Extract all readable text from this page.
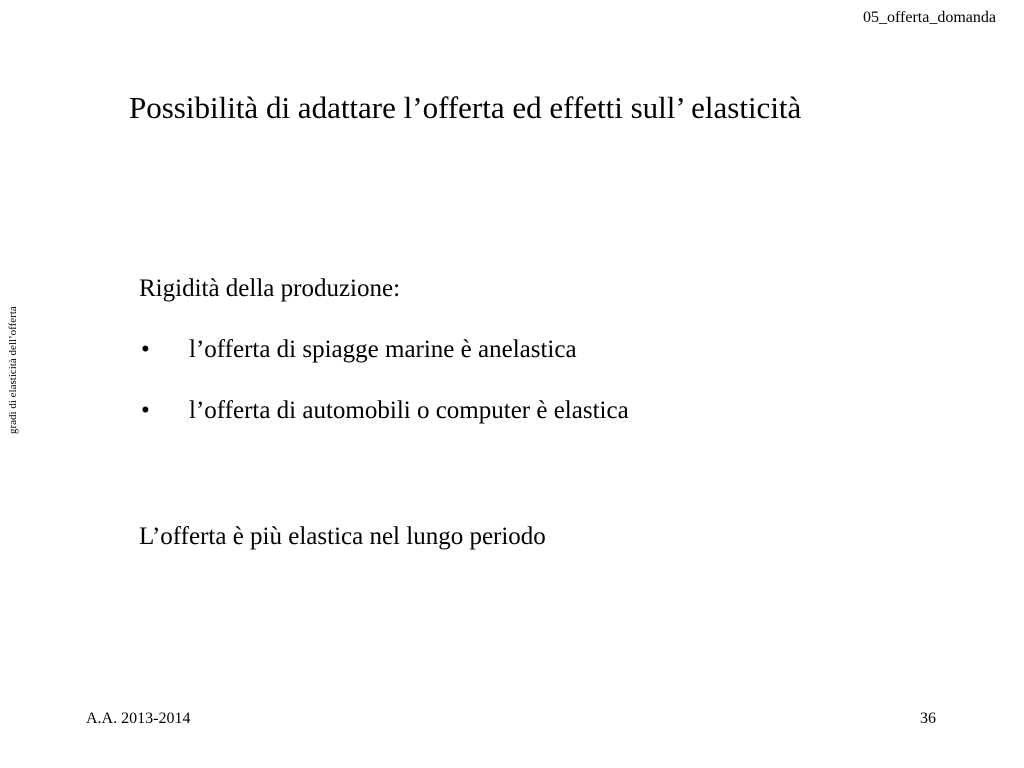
05_offerta_domanda
gradi di elasticità dell’offerta
Possibilità di adattare l’offerta ed effetti sull’ elasticità

Rigidità della produzione:

• l’offerta di spiagge marine è anelastica
• l’offerta di automobili o computer è elastica

L’offerta è più elastica nel lungo periodo

A.A. 2013-2014	36
